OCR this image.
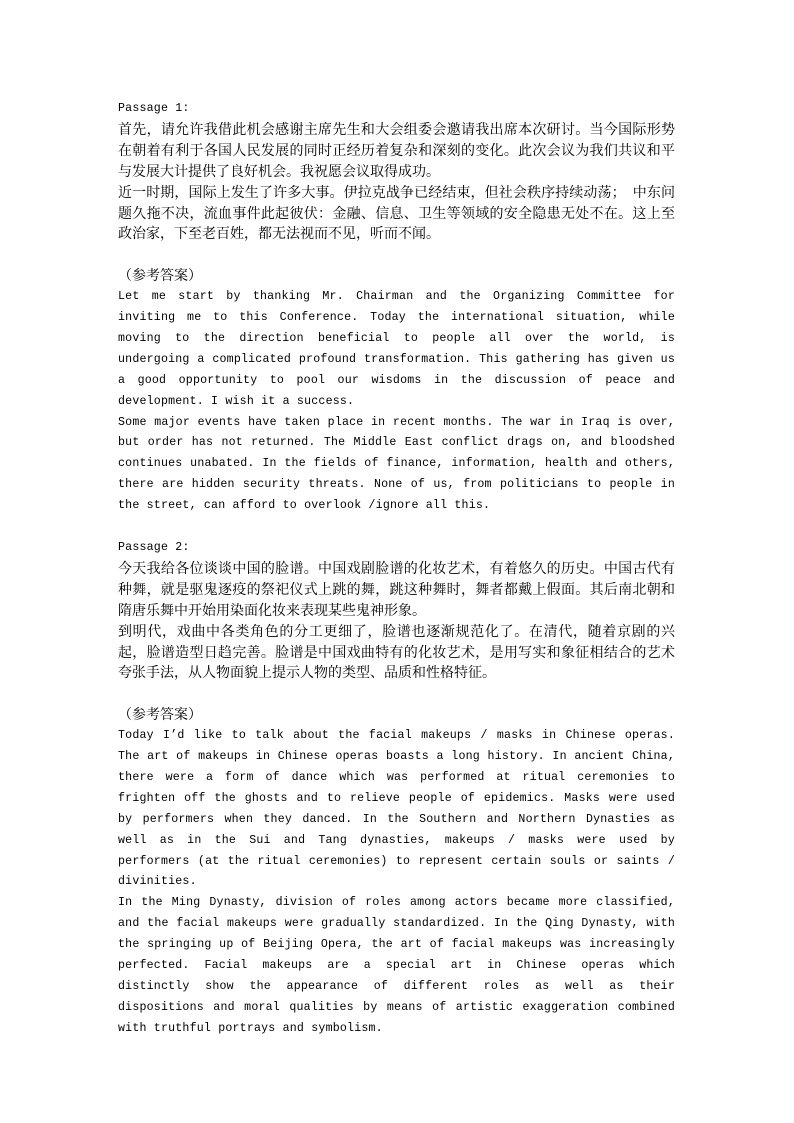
Passage 1:

首先，请允许我借此机会感谢主席先生和大会组委会邀请我出席本次研讨。当今国际形势在朝着有利于各国人民发展的同时正经历着复杂和深刻的变化。此次会议为我们共议和平与发展大计提供了良好机会。我祝愿会议取得成功。

近一时期，国际上发生了许多大事。伊拉克战争已经结束，但社会秩序持续动荡；　中东问题久拖不决，流血事件此起彼伏：金融、信息、卫生等领域的安全隐患无处不在。这上至政治家，下至老百姓，都无法视而不见，听而不闻。

（参考答案）

Let me start by thanking Mr. Chairman and the Organizing Committee for inviting me to this Conference. Today the international situation, while moving to the direction beneficial to people all over the world, is undergoing a complicated profound transformation. This gathering has given us a good opportunity to pool our wisdoms in the discussion of peace and development. I wish it a success.

Some major events have taken place in recent months. The war in Iraq is over, but order has not returned. The Middle East conflict drags on, and bloodshed continues unabated. In the fields of finance, information, health and others, there are hidden security threats. None of us, from politicians to people in the street, can afford to overlook /ignore all this.

Passage 2:

今天我给各位谈谈中国的脸谱。中国戏剧脸谱的化妆艺术，有着悠久的历史。中国古代有种舞，就是驱鬼逐疫的祭祀仪式上跳的舞，跳这种舞时，舞者都戴上假面。其后南北朝和隋唐乐舞中开始用染面化妆来表现某些鬼神形象。

到明代，戏曲中各类角色的分工更细了，脸谱也逐渐规范化了。在清代，随着京剧的兴起，脸谱造型日趋完善。脸谱是中国戏曲特有的化妆艺术，是用写实和象征相结合的艺术夸张手法，从人物面貌上提示人物的类型、品质和性格特征。

（参考答案）

Today I’d like to talk about the facial makeups / masks in Chinese operas. The art of makeups in Chinese operas boasts a long history. In ancient China, there were a form of dance which was performed at ritual ceremonies to frighten off the ghosts and to relieve people of epidemics. Masks were used by performers when they danced. In the Southern and Northern Dynasties as well as in the Sui and Tang dynasties, makeups / masks were used by performers (at the ritual ceremonies) to represent certain souls or saints / divinities.

In the Ming Dynasty, division of roles among actors became more classified, and the facial makeups were gradually standardized. In the Qing Dynasty, with the springing up of Beijing Opera, the art of facial makeups was increasingly perfected. Facial makeups are a special art in Chinese operas which distinctly show the appearance of different roles as well as their dispositions and moral qualities by means of artistic exaggeration combined with truthful portrays and symbolism.
